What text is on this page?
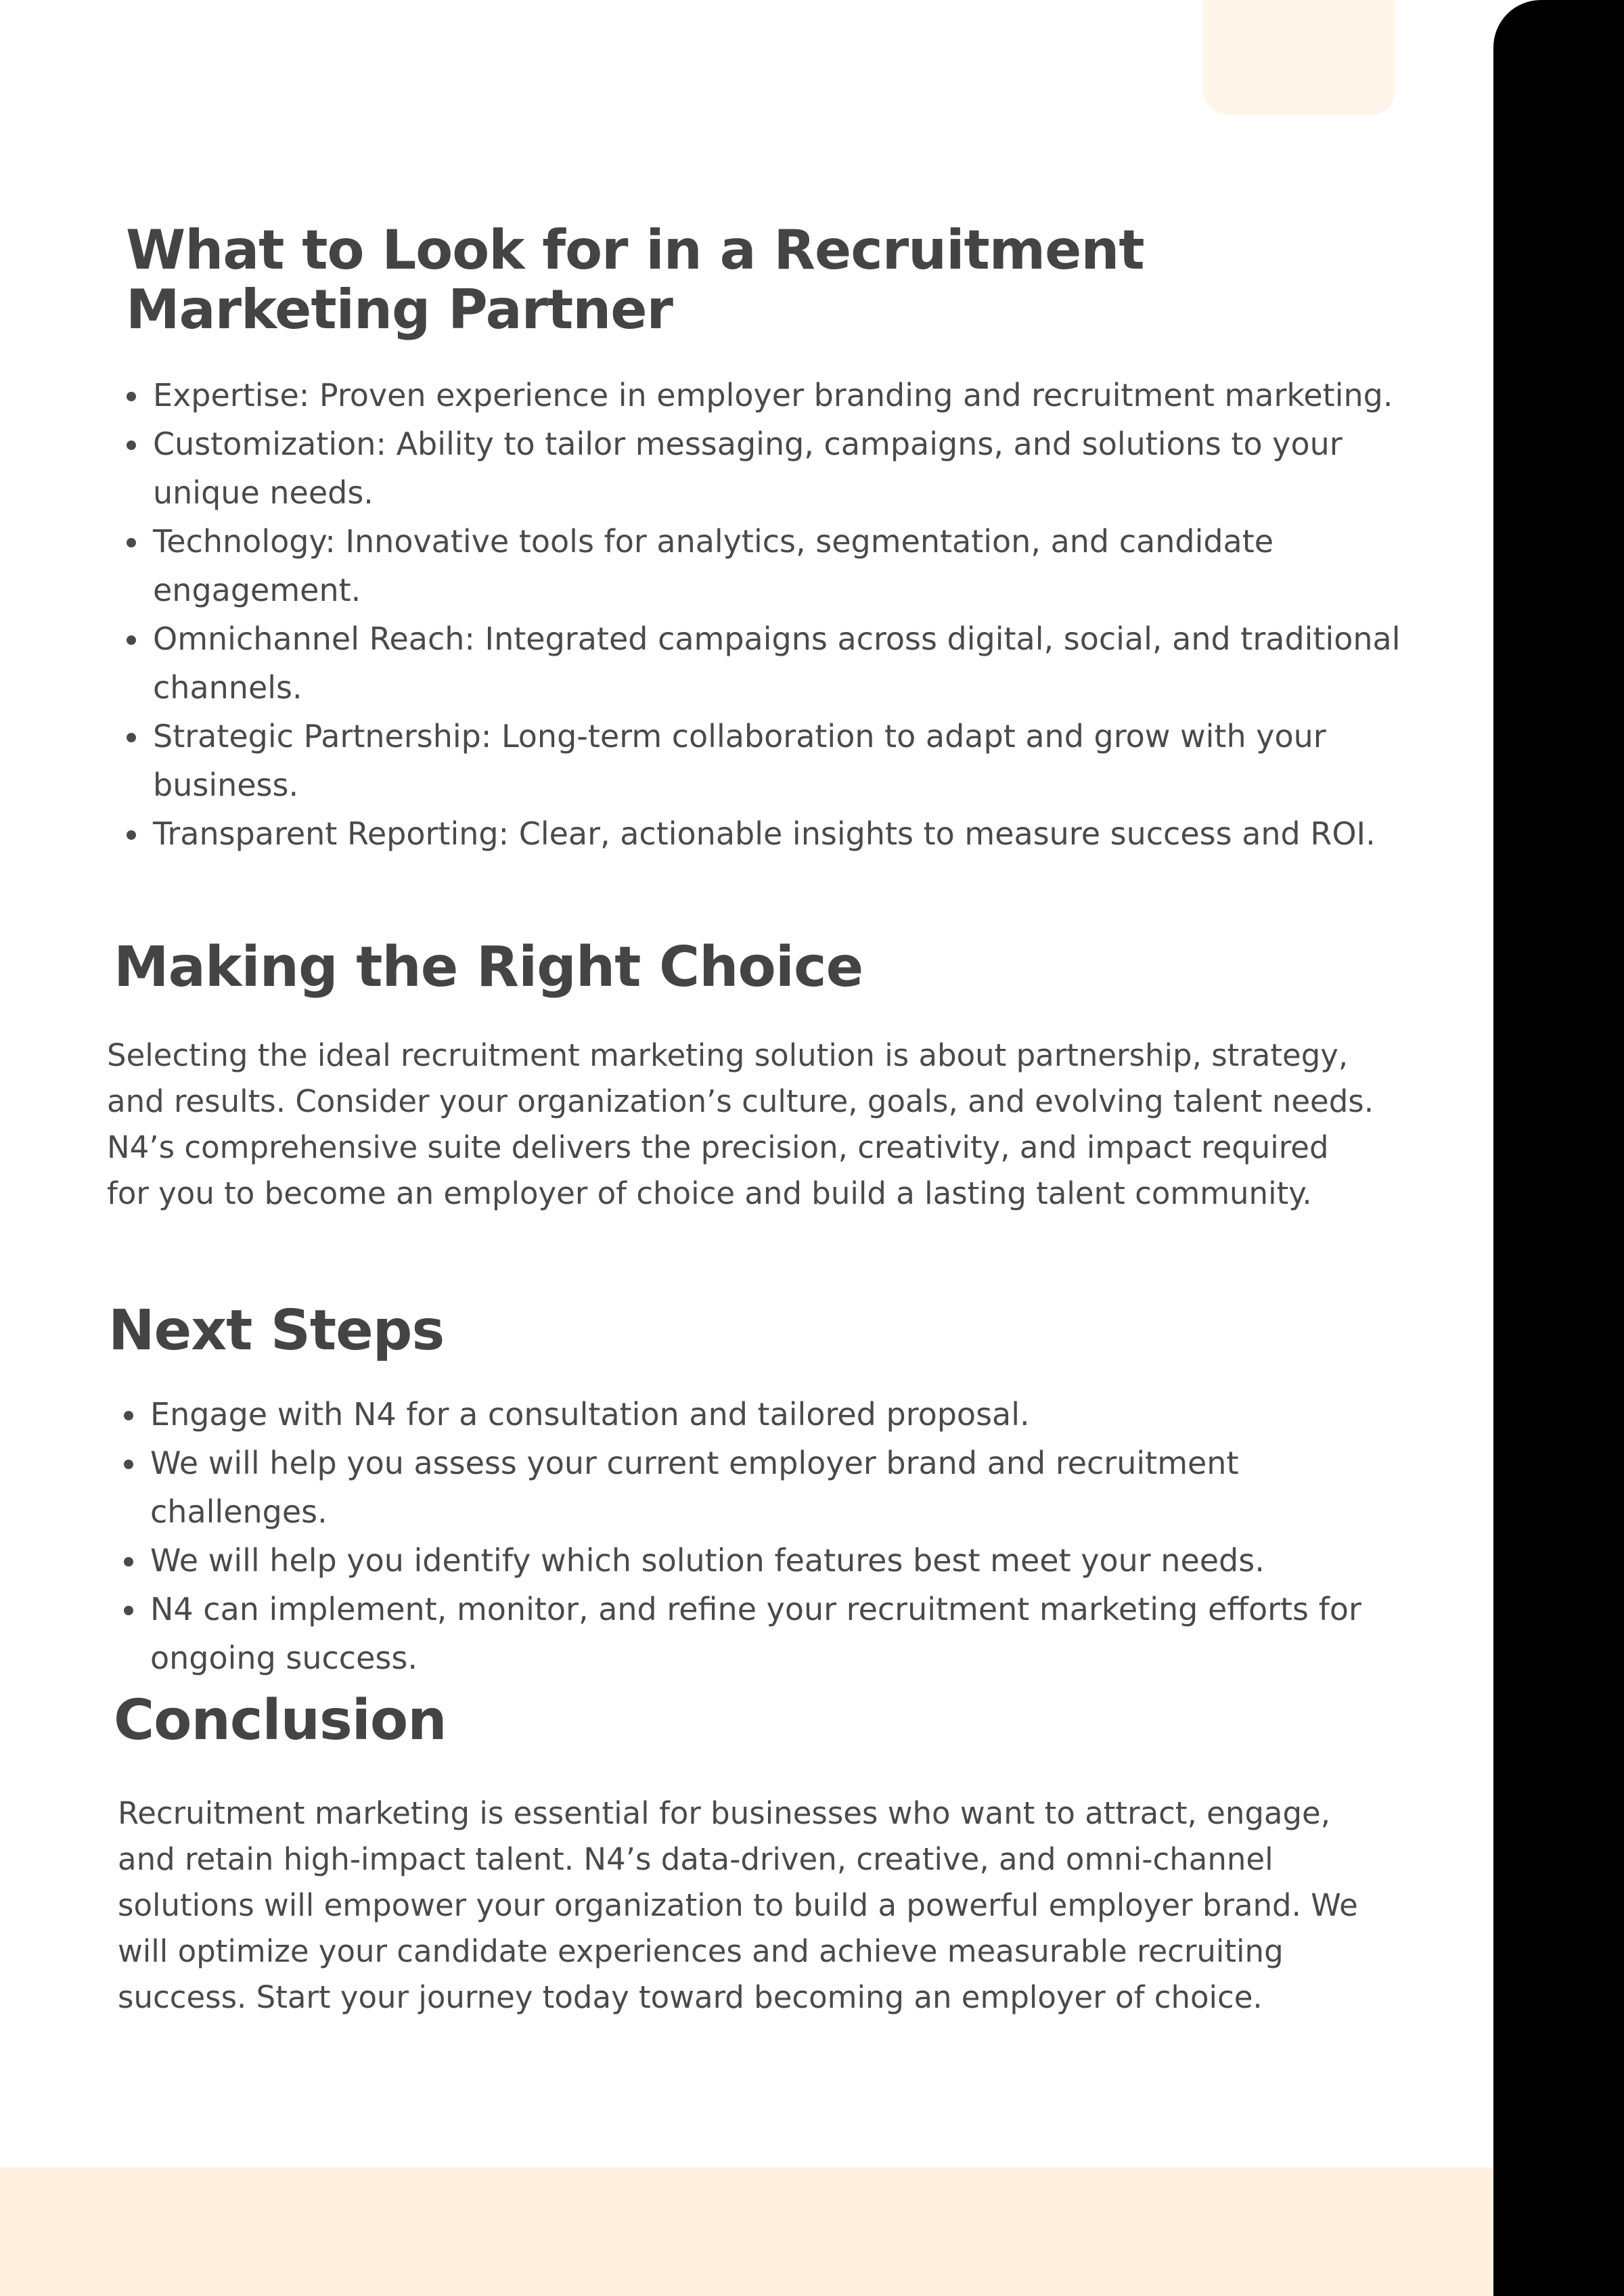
What to Look for in a Recruitment Marketing Partner
• Expertise: Proven experience in employer branding and recruitment marketing.
• Customization: Ability to tailor messaging, campaigns, and solutions to your unique needs.
• Technology: Innovative tools for analytics, segmentation, and candidate engagement.
• Omnichannel Reach: Integrated campaigns across digital, social, and traditional channels.
• Strategic Partnership: Long-term collaboration to adapt and grow with your business.
• Transparent Reporting: Clear, actionable insights to measure success and ROI.
Making the Right Choice

Selecting the ideal recruitment marketing solution is about partnership, strategy, and results. Consider your organization’s culture, goals, and evolving talent needs. N4’s comprehensive suite delivers the precision, creativity, and impact required for you to become an employer of choice and build a lasting talent community.

Next Steps
• Engage with N4 for a consultation and tailored proposal.
• We will help you assess your current employer brand and recruitment challenges.
• We will help you identify which solution features best meet your needs.
• N4 can implement, monitor, and refine your recruitment marketing efforts for ongoing success.
Conclusion

Recruitment marketing is essential for businesses who want to attract, engage, and retain high-impact talent. N4’s data-driven, creative, and omni-channel solutions will empower your organization to build a powerful employer brand. We will optimize your candidate experiences and achieve measurable recruiting success. Start your journey today toward becoming an employer of choice.
